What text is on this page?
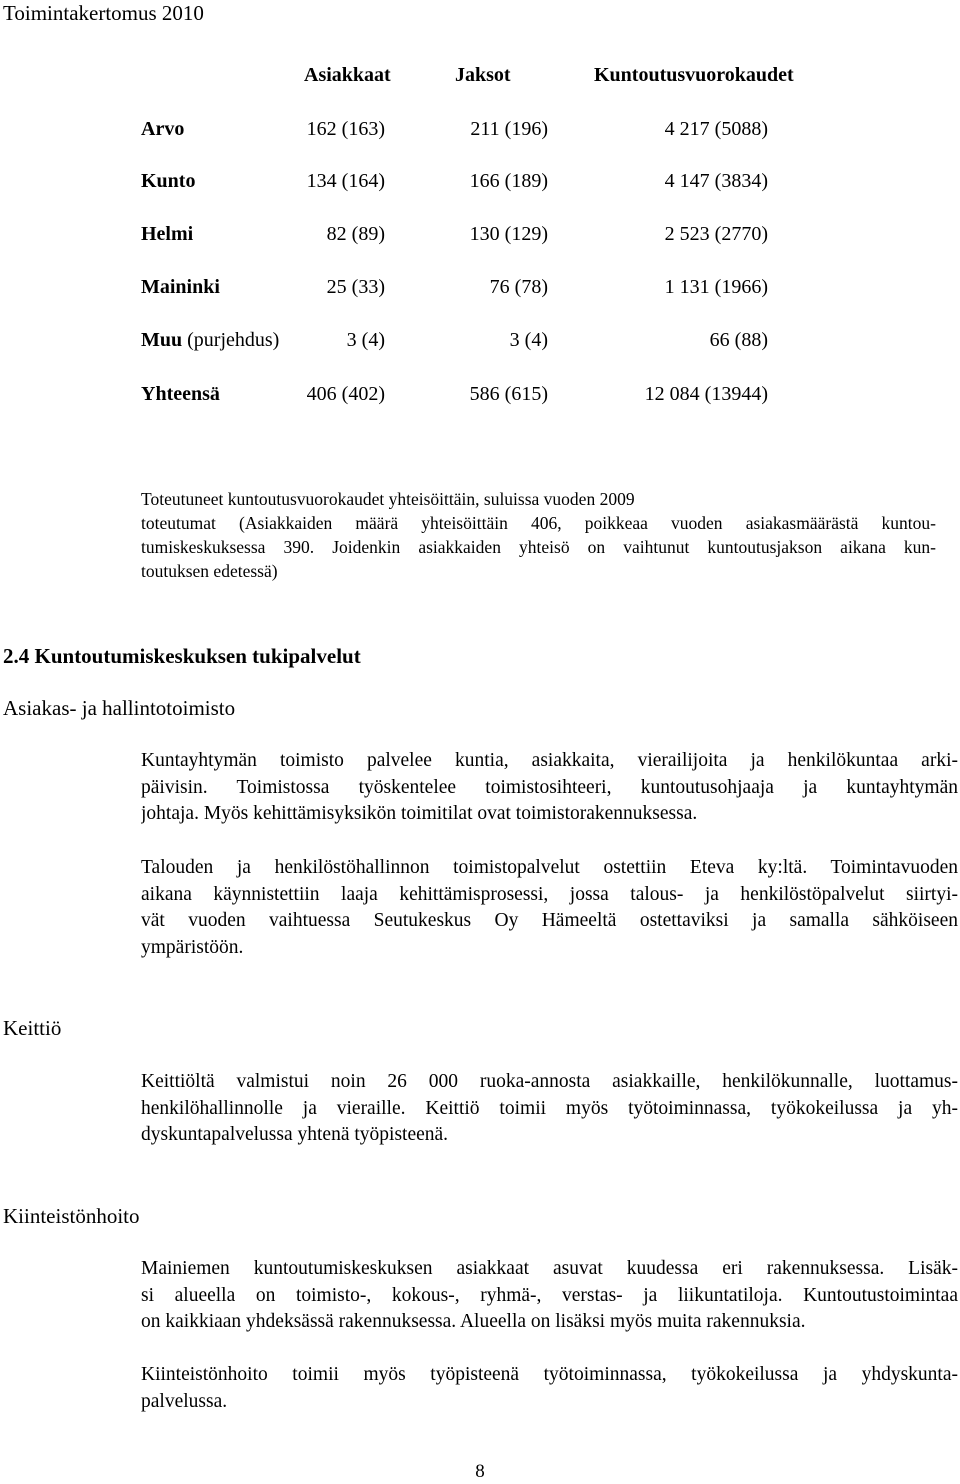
Toimintakertomus 2010
Asiakkaat	Jaksot	Kuntoutusvuorokaudet
Arvo	162 (163)	211 (196)	4 217 (5088)
Kunto	134 (164)	166 (189)	4 147 (3834)
Helmi	82 (89)	130 (129)	2 523 (2770)
Maininki	25 (33)	76 (78)	1 131 (1966)
Muu (purjehdus)	3 (4)	3 (4)	66 (88)
Yhteensä	406 (402)	586 (615)	12 084 (13944)
Toteutuneet kuntoutusvuorokaudet yhteisöittäin, suluissa vuoden 2009
toteutumat (Asiakkaiden määrä yhteisöittäin 406, poikkeaa vuoden asiakasmäärästä kuntou-
tumiskeskuksessa 390. Joidenkin asiakkaiden yhteisö on vaihtunut kuntoutusjakson aikana kun-
toutuksen edetessä)
2.4 Kuntoutumiskeskuksen tukipalvelut
Asiakas- ja hallintotoimisto
Kuntayhtymän toimisto palvelee kuntia, asiakkaita, vierailijoita ja henkilökuntaa arki-
päivisin. Toimistossa työskentelee toimistosihteeri, kuntoutusohjaaja ja kuntayhtymän
johtaja. Myös kehittämisyksikön toimitilat ovat toimistorakennuksessa.
Talouden ja henkilöstöhallinnon toimistopalvelut ostettiin Eteva ky:ltä. Toimintavuoden
aikana käynnistettiin laaja kehittämisprosessi, jossa talous- ja henkilöstöpalvelut siirtyi-
vät vuoden vaihtuessa Seutukeskus Oy Hämeeltä ostettaviksi ja samalla sähköiseen
ympäristöön.
Keittiö
Keittiöltä valmistui noin 26 000 ruoka-annosta asiakkaille, henkilökunnalle, luottamus-
henkilöhallinnolle ja vieraille. Keittiö toimii myös työtoiminnassa, työkokeilussa ja yh-
dyskuntapalvelussa yhtenä työpisteenä.
Kiinteistönhoito
Mainiemen kuntoutumiskeskuksen asiakkaat asuvat kuudessa eri rakennuksessa. Lisäk-
si alueella on toimisto-, kokous-, ryhmä-, verstas- ja liikuntatiloja. Kuntoutustoimintaa
on kaikkiaan yhdeksässä rakennuksessa. Alueella on lisäksi myös muita rakennuksia.
Kiinteistönhoito toimii myös työpisteenä työtoiminnassa, työkokeilussa ja yhdyskunta-
palvelussa.
8
